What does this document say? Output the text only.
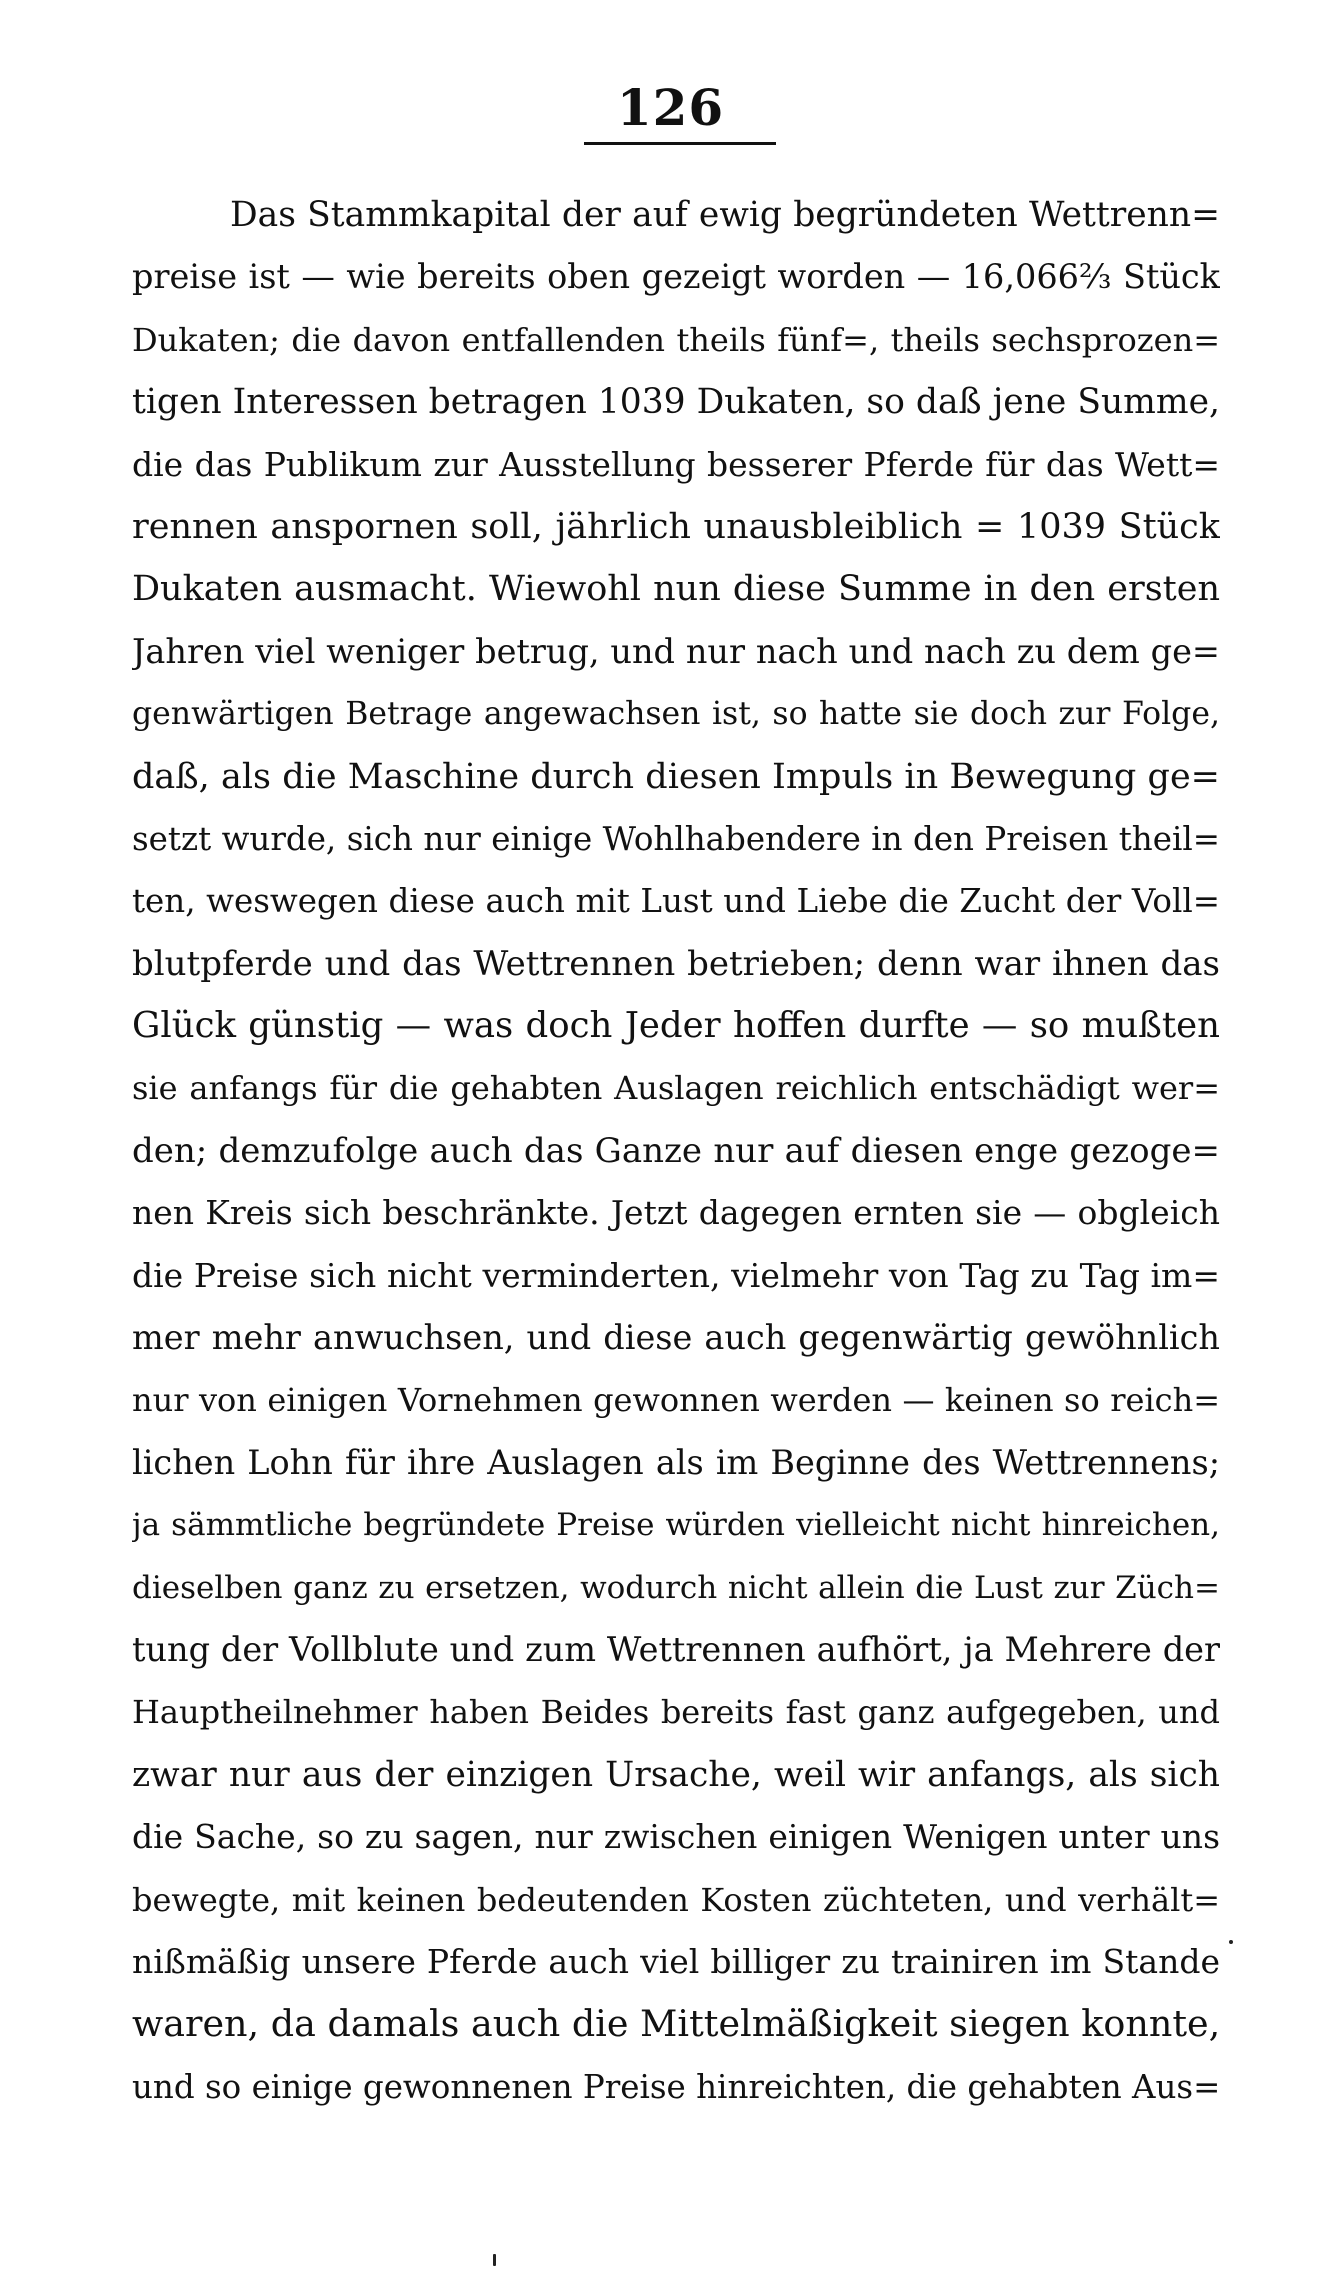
126
Das Stammkapital der auf ewig begründeten Wettrenn=
preise ist — wie bereits oben gezeigt worden — 16,066⅔ Stück
Dukaten; die davon entfallenden theils fünf=, theils sechsprozen=
tigen Interessen betragen 1039 Dukaten, so daß jene Summe,
die das Publikum zur Ausstellung besserer Pferde für das Wett=
rennen anspornen soll, jährlich unausbleiblich = 1039 Stück
Dukaten ausmacht. Wiewohl nun diese Summe in den ersten
Jahren viel weniger betrug, und nur nach und nach zu dem ge=
genwärtigen Betrage angewachsen ist, so hatte sie doch zur Folge,
daß, als die Maschine durch diesen Impuls in Bewegung ge=
setzt wurde, sich nur einige Wohlhabendere in den Preisen theil=
ten, weswegen diese auch mit Lust und Liebe die Zucht der Voll=
blutpferde und das Wettrennen betrieben; denn war ihnen das
Glück günstig — was doch Jeder hoffen durfte — so mußten
sie anfangs für die gehabten Auslagen reichlich entschädigt wer=
den; demzufolge auch das Ganze nur auf diesen enge gezoge=
nen Kreis sich beschränkte. Jetzt dagegen ernten sie — obgleich
die Preise sich nicht verminderten, vielmehr von Tag zu Tag im=
mer mehr anwuchsen, und diese auch gegenwärtig gewöhnlich
nur von einigen Vornehmen gewonnen werden — keinen so reich=
lichen Lohn für ihre Auslagen als im Beginne des Wettrennens;
ja sämmtliche begründete Preise würden vielleicht nicht hinreichen,
dieselben ganz zu ersetzen, wodurch nicht allein die Lust zur Züch=
tung der Vollblute und zum Wettrennen aufhört, ja Mehrere der
Hauptheilnehmer haben Beides bereits fast ganz aufgegeben, und
zwar nur aus der einzigen Ursache, weil wir anfangs, als sich
die Sache, so zu sagen, nur zwischen einigen Wenigen unter uns
bewegte, mit keinen bedeutenden Kosten züchteten, und verhält=
nißmäßig unsere Pferde auch viel billiger zu trainiren im Stande
waren, da damals auch die Mittelmäßigkeit siegen konnte,
und so einige gewonnenen Preise hinreichten, die gehabten Aus=
